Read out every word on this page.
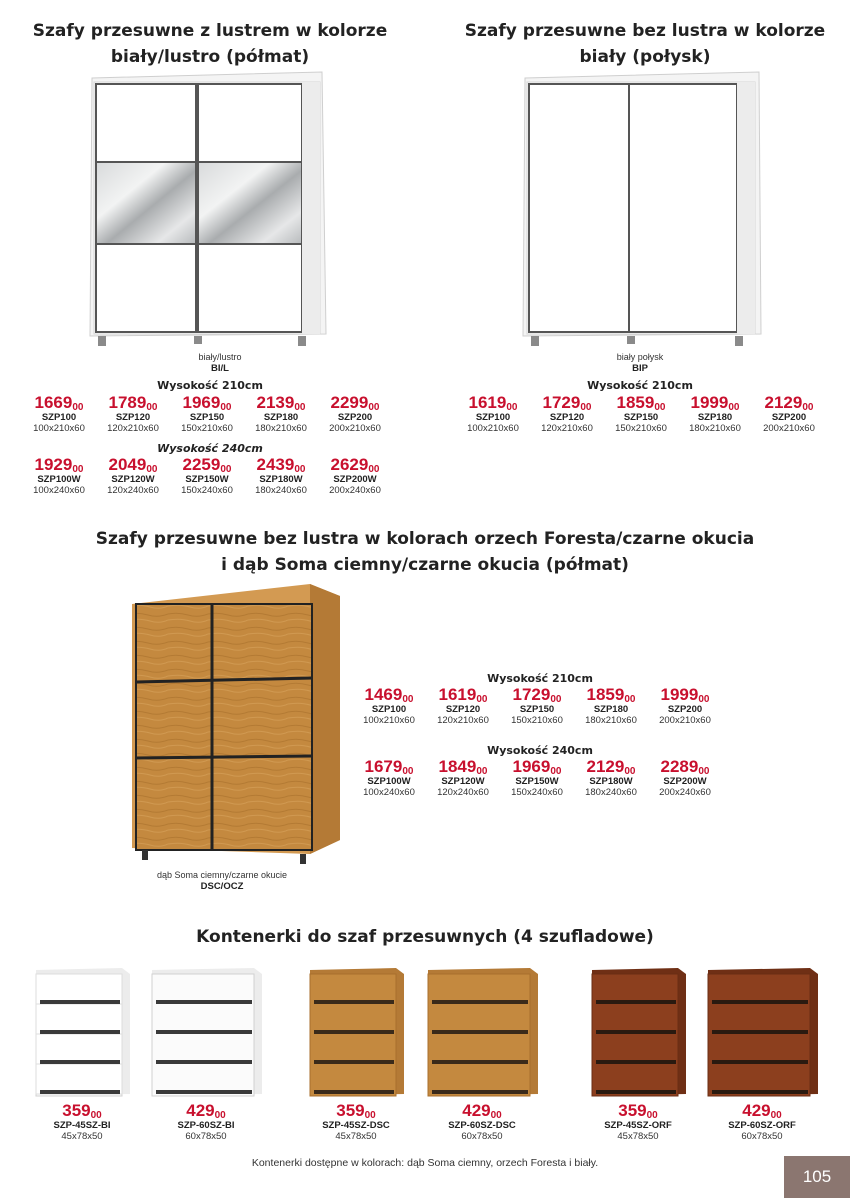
Szafy przesuwne z lustrem w kolorze
biały/lustro (półmat)
biały/lustro
BI/L
Wysokość 210cm
1669$^{00}$
SZP100
100x210x60
1789$^{00}$
SZP120
120x210x60
1969$^{00}$
SZP150
150x210x60
2139$^{00}$
SZP180
180x210x60
2299$^{00}$
SZP200
200x210x60
Wysokość 240cm
1929$^{00}$
SZP100W
100x240x60
2049$^{00}$
SZP120W
120x240x60
2259$^{00}$
SZP150W
150x240x60
2439$^{00}$
SZP180W
180x240x60
2629$^{00}$
SZP200W
200x240x60
Szafy przesuwne bez lustra w kolorze
biały (połysk)
biały połysk
BIP
Wysokość 210cm
1619$^{00}$
SZP100
100x210x60
1729$^{00}$
SZP120
120x210x60
1859$^{00}$
SZP150
150x210x60
1999$^{00}$
SZP180
180x210x60
2129$^{00}$
SZP200
200x210x60
Szafy przesuwne bez lustra w kolorach orzech Foresta/czarne okucia
i dąb Soma ciemny/czarne okucia (półmat)
dąb Soma ciemny/czarne okucie
DSC/OCZ
Wysokość 210cm
1469$^{00}$
SZP100
100x210x60
1619$^{00}$
SZP120
120x210x60
1729$^{00}$
SZP150
150x210x60
1859$^{00}$
SZP180
180x210x60
1999$^{00}$
SZP200
200x210x60
Wysokość 240cm
1679$^{00}$
SZP100W
100x240x60
1849$^{00}$
SZP120W
120x240x60
1969$^{00}$
SZP150W
150x240x60
2129$^{00}$
SZP180W
180x240x60
2289$^{00}$
SZP200W
200x240x60
Kontenerki do szaf przesuwnych (4 szufladowe)
$359^{00}$
SZP-45SZ-BI
45x78x50
$429^{00}$
SZP-60SZ-BI
60x78x50
$359^{00}$
SZP-45SZ-DSC
45x78x50
$429^{00}$
SZP-60SZ-DSC
60x78x50
$359^{00}$
SZP-45SZ-ORF
45x78x50
$429^{00}$
SZP-60SZ-ORF
60x78x50
Kontenerki dostępne w kolorach: dąb Soma ciemny, orzech Foresta i biały.
105
